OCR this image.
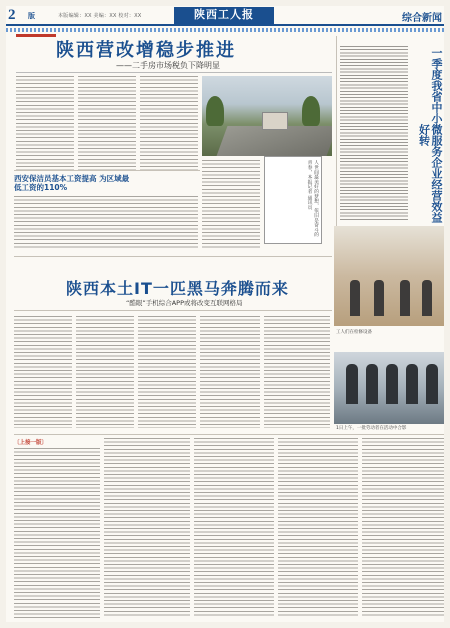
2 版	本版编辑：XX 美编：XX 校对：XX	陕西工人报	综合新闻
陕西营改增稳步推进
——二手房市场税负下降明显
人世间最美好的梦想，依旧是奋斗的青春，本报记者 通讯员	一季度我省中小微服务企业经营效益好转
西安保洁员基本工资提高 为区域最低工资的110%
陕西本土IT一匹黑马奔腾而来
“酷眼”手机综合APP或将改变互联网格局
工人们在检修设备
1日上午，一批劳动者在活动中合影
〔上接一版〕
